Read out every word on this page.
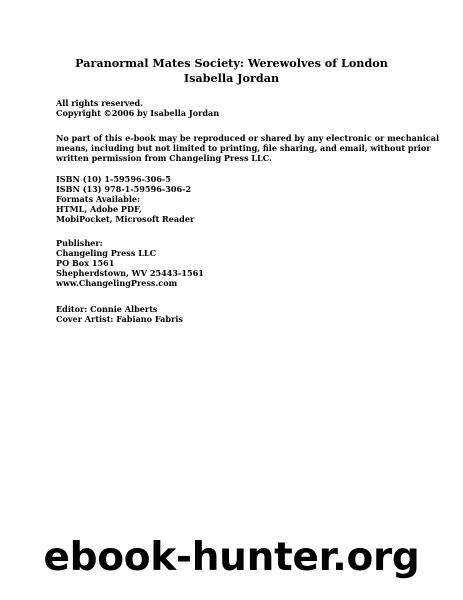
Paranormal Mates Society: Werewolves of London
Isabella Jordan
All rights reserved.
Copyright ©2006 by Isabella Jordan
No part of this e-book may be reproduced or shared by any electronic or mechanical
means, including but not limited to printing, file sharing, and email, without prior
written permission from Changeling Press LLC.
ISBN (10) 1-59596-306-5
ISBN (13) 978-1-59596-306-2
Formats Available:
HTML, Adobe PDF,
MobiPocket, Microsoft Reader
Publisher:
Changeling Press LLC
PO Box 1561
Shepherdstown, WV 25443-1561
www.ChangelingPress.com
Editor: Connie Alberts
Cover Artist: Fabiano Fabris
ebook-hunter.org
